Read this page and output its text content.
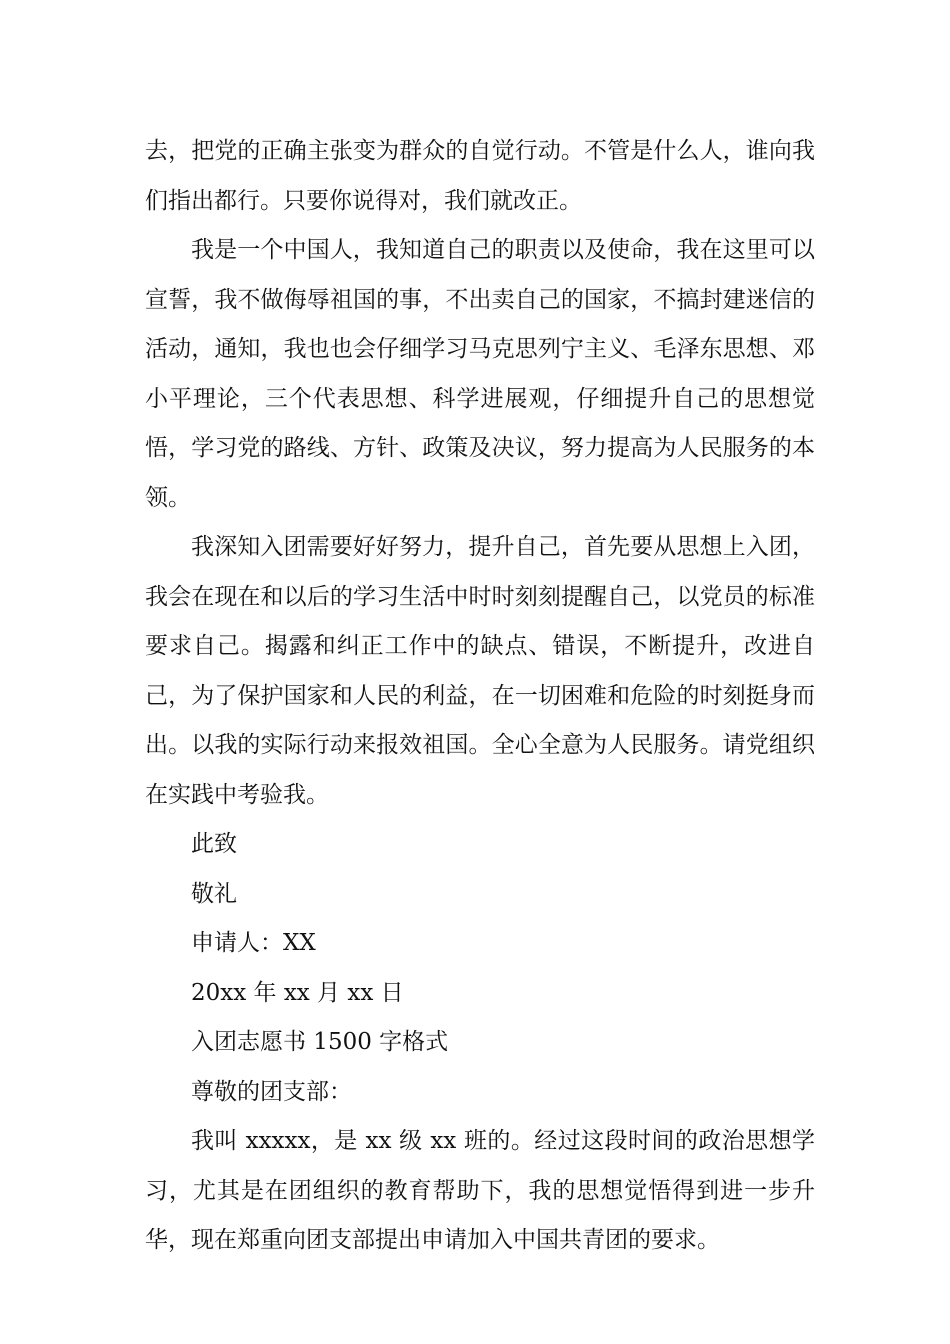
去，把党的正确主张变为群众的自觉行动。不管是什么人，谁向我们指出都行。只要你说得对，我们就改正。

我是一个中国人，我知道自己的职责以及使命，我在这里可以宣誓，我不做侮辱祖国的事，不出卖自己的国家，不搞封建迷信的活动，通知，我也也会仔细学习马克思列宁主义、毛泽东思想、邓小平理论，三个代表思想、科学进展观，仔细提升自己的思想觉悟，学习党的路线、方针、政策及决议，努力提高为人民服务的本领。

我深知入团需要好好努力，提升自己，首先要从思想上入团，我会在现在和以后的学习生活中时时刻刻提醒自己，以党员的标准要求自己。揭露和纠正工作中的缺点、错误，不断提升，改进自己，为了保护国家和人民的利益，在一切困难和危险的时刻挺身而出。以我的实际行动来报效祖国。全心全意为人民服务。请党组织在实践中考验我。

此致

敬礼

申请人：XX

20xx 年 xx 月 xx 日

入团志愿书 1500 字格式

尊敬的团支部：

我叫 xxxxx，是 xx 级 xx 班的。经过这段时间的政治思想学习，尤其是在团组织的教育帮助下，我的思想觉悟得到进一步升华，现在郑重向团支部提出申请加入中国共青团的要求。
